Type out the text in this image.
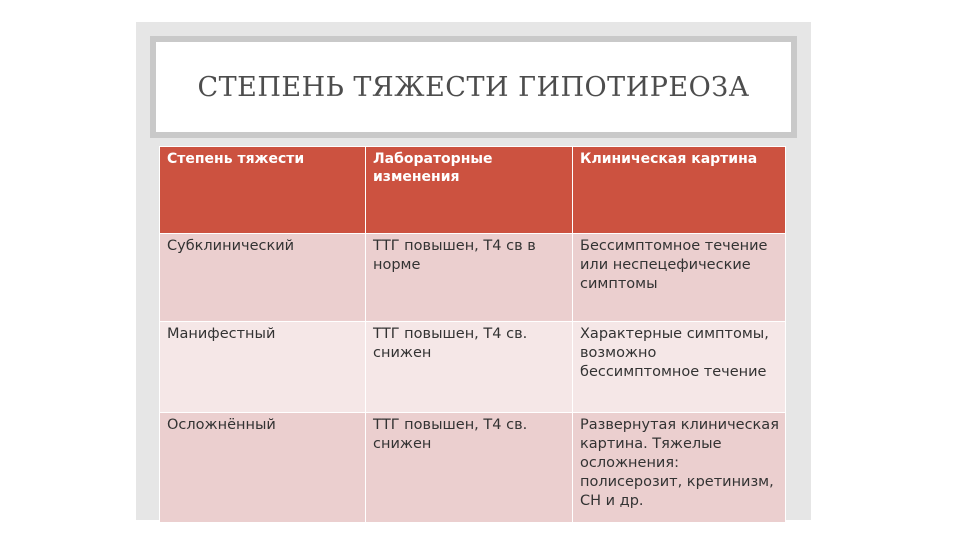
СТЕПЕНЬ ТЯЖЕСТИ ГИПОТИРЕОЗА
Степень тяжести	Лабораторные изменения	Клиническая картина
Субклинический	ТТГ повышен, Т4 св в норме	Бессимптомное течение или неспецефические симптомы
Манифестный	ТТГ повышен, Т4 св. снижен	Характерные симптомы, возможно бессимптомное течение
Осложнённый	ТТГ повышен, Т4 св. снижен	Развернутая клиническая картина. Тяжелые осложнения: полисерозит, кретинизм, СН и др.
